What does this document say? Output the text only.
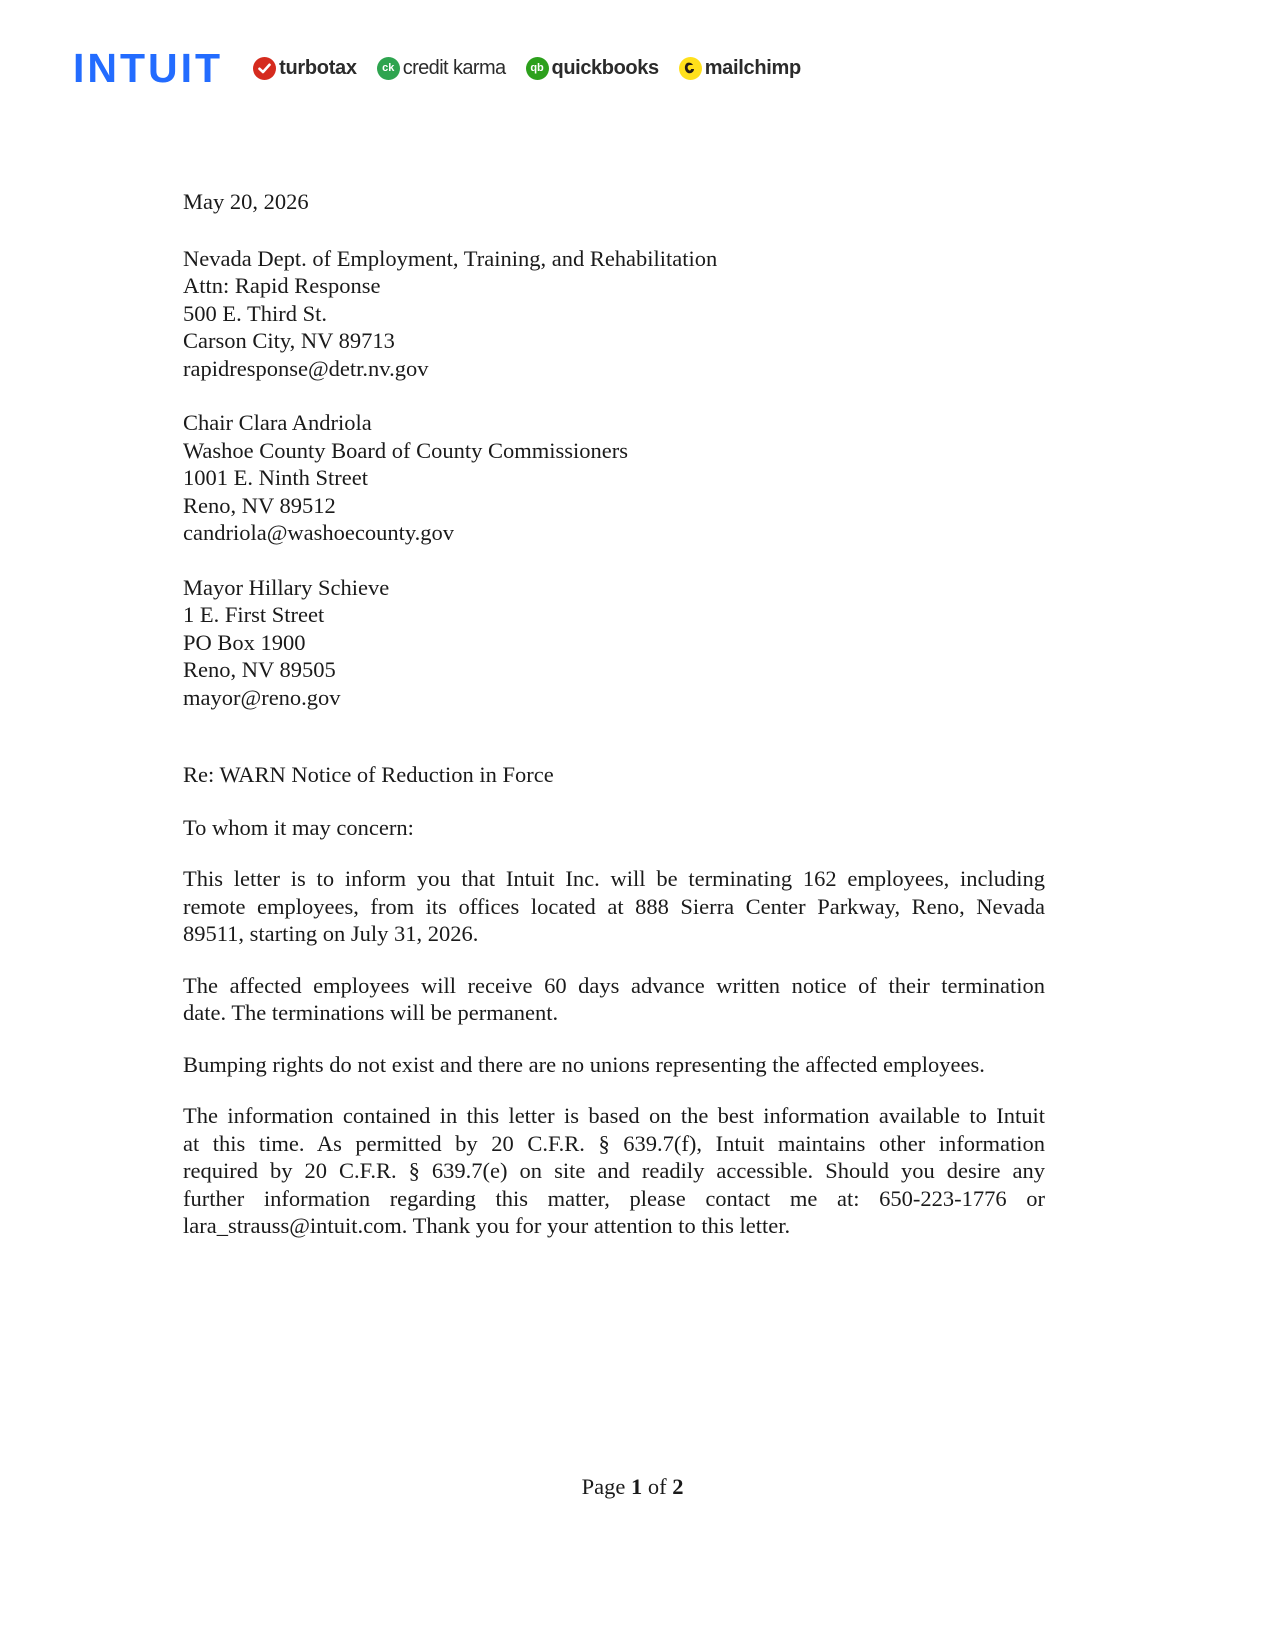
INTUIT	turbotax	ck credit karma	qb quickbooks mailchimp
May 20, 2026
Nevada Dept. of Employment, Training, and Rehabilitation
Attn: Rapid Response
500 E. Third St.
Carson City, NV 89713
rapidresponse@detr.nv.gov
Chair Clara Andriola
Washoe County Board of County Commissioners
1001 E. Ninth Street
Reno, NV 89512
candriola@washoecounty.gov
Mayor Hillary Schieve
1 E. First Street
PO Box 1900
Reno, NV 89505
mayor@reno.gov
Re: WARN Notice of Reduction in Force
To whom it may concern:
This letter is to inform you that Intuit Inc. will be terminating 162 employees, including
remote employees, from its offices located at 888 Sierra Center Parkway, Reno, Nevada
89511, starting on July 31, 2026.
The affected employees will receive 60 days advance written notice of their termination
date. The terminations will be permanent.
Bumping rights do not exist and there are no unions representing the affected employees.
The information contained in this letter is based on the best information available to Intuit
at this time. As permitted by 20 C.F.R. § 639.7(f), Intuit maintains other information
required by 20 C.F.R. § 639.7(e) on site and readily accessible. Should you desire any
further information regarding this matter, please contact me at: 650-223-1776 or
lara_strauss@intuit.com. Thank you for your attention to this letter.
Page 1 of 2
